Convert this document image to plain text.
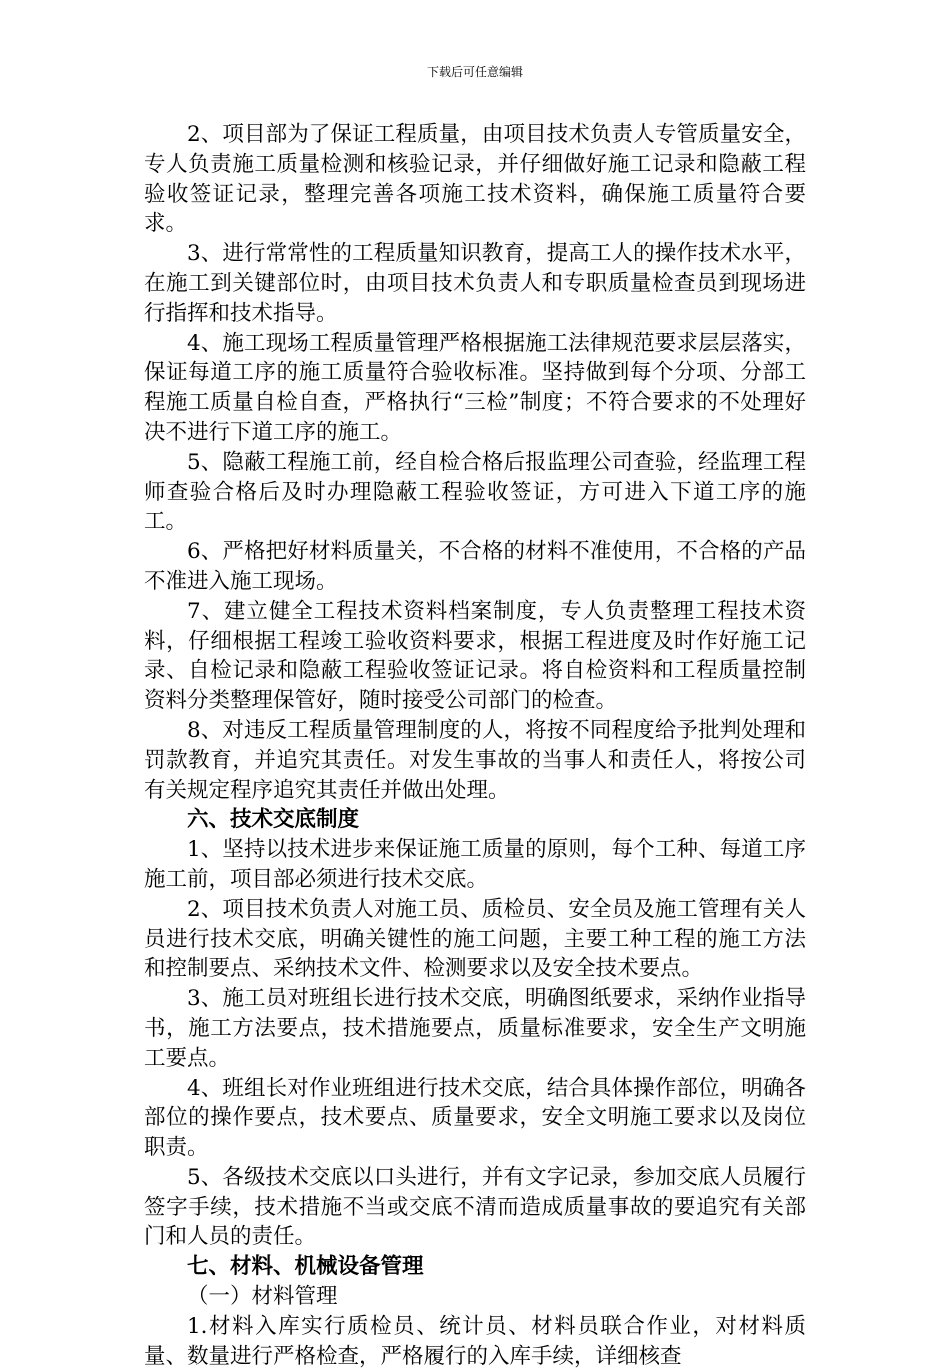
下载后可任意编辑

2、项目部为了保证工程质量，由项目技术负责人专管质量安全，专人负责施工质量检测和核验记录，并仔细做好施工记录和隐蔽工程验收签证记录，整理完善各项施工技术资料，确保施工质量符合要求。

3、进行常常性的工程质量知识教育，提高工人的操作技术水平，在施工到关键部位时，由项目技术负责人和专职质量检查员到现场进行指挥和技术指导。

4、施工现场工程质量管理严格根据施工法律规范要求层层落实，保证每道工序的施工质量符合验收标准。坚持做到每个分项、分部工程施工质量自检自查，严格执行“三检”制度；不符合要求的不处理好决不进行下道工序的施工。

5、隐蔽工程施工前，经自检合格后报监理公司查验，经监理工程师查验合格后及时办理隐蔽工程验收签证，方可进入下道工序的施工。

6、严格把好材料质量关，不合格的材料不准使用，不合格的产品不准进入施工现场。

7、建立健全工程技术资料档案制度，专人负责整理工程技术资料，仔细根据工程竣工验收资料要求，根据工程进度及时作好施工记录、自检记录和隐蔽工程验收签证记录。将自检资料和工程质量控制资料分类整理保管好，随时接受公司部门的检查。

8、对违反工程质量管理制度的人，将按不同程度给予批判处理和罚款教育，并追究其责任。对发生事故的当事人和责任人，将按公司有关规定程序追究其责任并做出处理。

六、技术交底制度

1、坚持以技术进步来保证施工质量的原则，每个工种、每道工序施工前，项目部必须进行技术交底。

2、项目技术负责人对施工员、质检员、安全员及施工管理有关人员进行技术交底，明确关键性的施工问题，主要工种工程的施工方法和控制要点、采纳技术文件、检测要求以及安全技术要点。

3、施工员对班组长进行技术交底，明确图纸要求，采纳作业指导书，施工方法要点，技术措施要点，质量标准要求，安全生产文明施工要点。

4、班组长对作业班组进行技术交底，结合具体操作部位，明确各部位的操作要点，技术要点、质量要求，安全文明施工要求以及岗位职责。

5、各级技术交底以口头进行，并有文字记录，参加交底人员履行签字手续，技术措施不当或交底不清而造成质量事故的要追究有关部门和人员的责任。

七、材料、机械设备管理

（一）材料管理

1.材料入库实行质检员、统计员、材料员联合作业，对材料质量、数量进行严格检查，严格履行的入库手续，详细核查
